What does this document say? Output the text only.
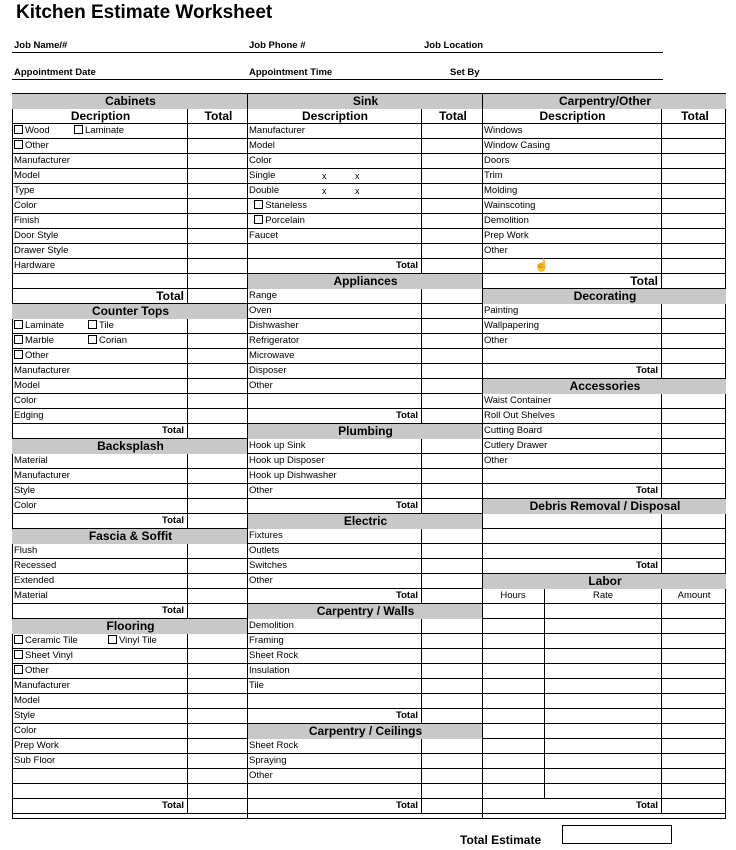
Kitchen Estimate Worksheet
Job Name/#	Job Phone #	Job Location
Appointment Date	Appointment Time	Set By
Cabinets
Decription	Total
Wood	Laminate
Other
Manufacturer
Model
Type
Color
Finish
Door Style
Drawer Style
Hardware
Total
Counter Tops
Laminate	Tile
Marble	Corian
Other
Manufacturer
Model
Color
Edging
Total
Backsplash
Material
Manufacturer
Style
Color
Total
Fascia & Soffit
Flush
Recessed
Extended
Material
Total
Flooring
Ceramic Tile	Vinyl Tile
Sheet Vinyl
Other
Manufacturer
Model
Style
Color
Prep Work
Sub Floor
Total
Sink
Description	Total
Manufacturer
Model
Color
Single	x	x
Double	x	x
Staneless
Porcelain
Faucet
Total
Appliances
Range
Oven
Dishwasher
Refrigerator
Microwave
Disposer
Other
Total
Plumbing
Hook up Sink
Hook up Disposer
Hook up Dishwasher
Other
Total
Electric
Fixtures
Outlets
Switches
Other
Total
Carpentry / Walls
Demolition
Framing
Sheet Rock
Insulation
Tile
Total
Carpentry / Ceilings
Sheet Rock
Spraying
Other
Total
Carpentry/Other
Description	Total
Windows
Window Casing
Doors
Trim
Molding
Wainscoting
Demolition
Prep Work
Other
Total
Decorating
Painting
Wallpapering
Other
Total
Accessories
Waist Container
Roll Out Shelves
Cutting Board
Cutlery Drawer
Other
Total
Debris Removal / Disposal
Total
Labor
Hours	Rate	Amount
Total
☝
Total Estimate
